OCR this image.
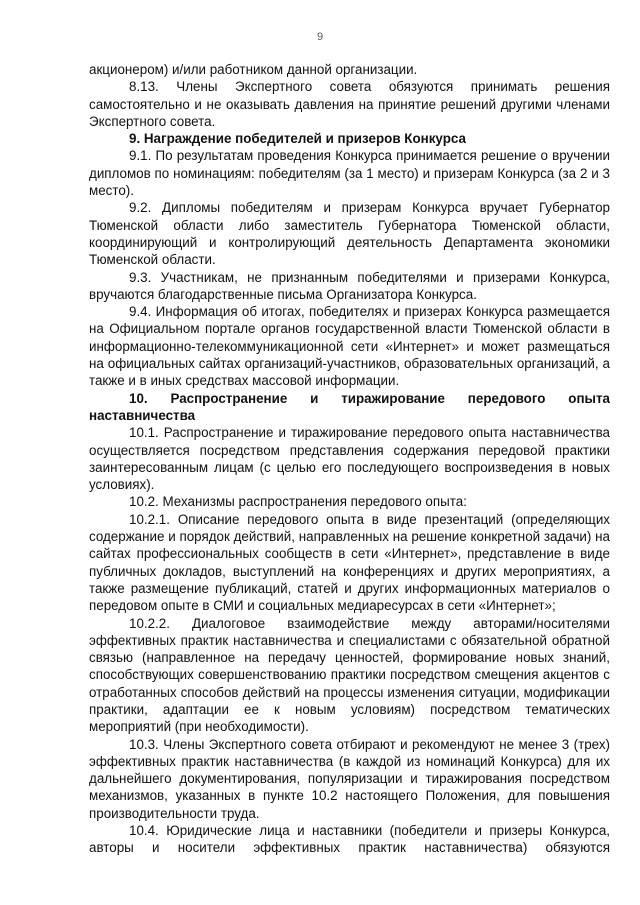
9

акционером) и/или работником данной организации.

8.13. Члены Экспертного совета обязуются принимать решения самостоятельно и не оказывать давления на принятие решений другими членами Экспертного совета.

9. Награждение победителей и призеров Конкурса

9.1. По результатам проведения Конкурса принимается решение о вручении дипломов по номинациям: победителям (за 1 место) и призерам Конкурса (за 2 и 3 место).

9.2. Дипломы победителям и призерам Конкурса вручает Губернатор Тюменской области либо заместитель Губернатора Тюменской области, координирующий и контролирующий деятельность Департамента экономики Тюменской области.

9.3. Участникам, не признанным победителями и призерами Конкурса, вручаются благодарственные письма Организатора Конкурса.

9.4. Информация об итогах, победителях и призерах Конкурса размещается на Официальном портале органов государственной власти Тюменской области в информационно-телекоммуникационной сети «Интернет» и может размещаться на официальных сайтах организаций-участников, образовательных организаций, а также и в иных средствах массовой информации.

10. Распространение и тиражирование передового опыта наставничества

10.1. Распространение и тиражирование передового опыта наставничества осуществляется посредством представления содержания передовой практики заинтересованным лицам (с целью его последующего воспроизведения в новых условиях).

10.2. Механизмы распространения передового опыта:

10.2.1. Описание передового опыта в виде презентаций (определяющих содержание и порядок действий, направленных на решение конкретной задачи) на сайтах профессиональных сообществ в сети «Интернет», представление в виде публичных докладов, выступлений на конференциях и других мероприятиях, а также размещение публикаций, статей и других информационных материалов о передовом опыте в СМИ и социальных медиаресурсах в сети «Интернет»;

10.2.2. Диалоговое взаимодействие между авторами/носителями эффективных практик наставничества и специалистами с обязательной обратной связью (направленное на передачу ценностей, формирование новых знаний, способствующих совершенствованию практики посредством смещения акцентов с отработанных способов действий на процессы изменения ситуации, модификации практики, адаптации ее к новым условиям) посредством тематических мероприятий (при необходимости).

10.3. Члены Экспертного совета отбирают и рекомендуют не менее 3 (трех) эффективных практик наставничества (в каждой из номинаций Конкурса) для их дальнейшего документирования, популяризации и тиражирования посредством механизмов, указанных в пункте 10.2 настоящего Положения, для повышения производительности труда.

10.4. Юридические лица и наставники (победители и призеры Конкурса, авторы и носители эффективных практик наставничества) обязуются
